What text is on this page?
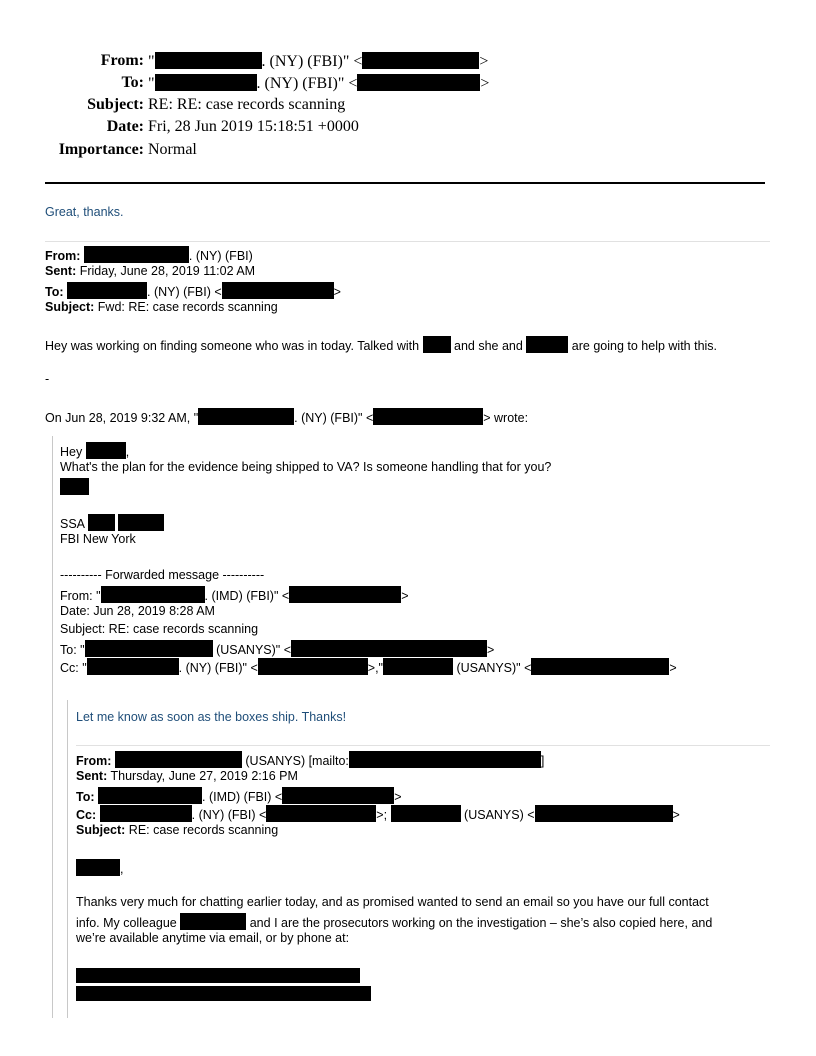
From: "	. (NY) (FBI)" <	>
To: "	. (NY) (FBI)" <	>
Subject: RE: RE: case records scanning
Date: Fri, 28 Jun 2019 15:18:51 +0000
Importance: Normal
Great, thanks.
From:	. (NY) (FBI)
Sent: Friday, June 28, 2019 11:02 AM
To:	. (NY) (FBI) <	>
Subject: Fwd: RE: case records scanning
Hey was working on finding someone who was in today. Talked with	and she and	are going to help with this.
-
On Jun 28, 2019 9:32 AM, "	. (NY) (FBI)" <	> wrote:
Hey	,
What's the plan for the evidence being shipped to VA? Is someone handling that for you?
SSA
FBI New York
---------- Forwarded message ----------
From: "	. (IMD) (FBI)" <	>
Date: Jun 28, 2019 8:28 AM
Subject: RE: case records scanning
To: "	(USANYS)" <	>
Cc: "	. (NY) (FBI)" <	>,"	(USANYS)" <	>
Let me know as soon as the boxes ship. Thanks!
From:	(USANYS) [mailto:	]
Sent: Thursday, June 27, 2019 2:16 PM
To:	. (IMD) (FBI) <	>
Cc:	. (NY) (FBI) <	>;	(USANYS) <	>
Subject: RE: case records scanning
,
Thanks very much for chatting earlier today, and as promised wanted to send an email so you have our full contact
info. My colleague	and I are the prosecutors working on the investigation – she’s also copied here, and
we’re available anytime via email, or by phone at:
